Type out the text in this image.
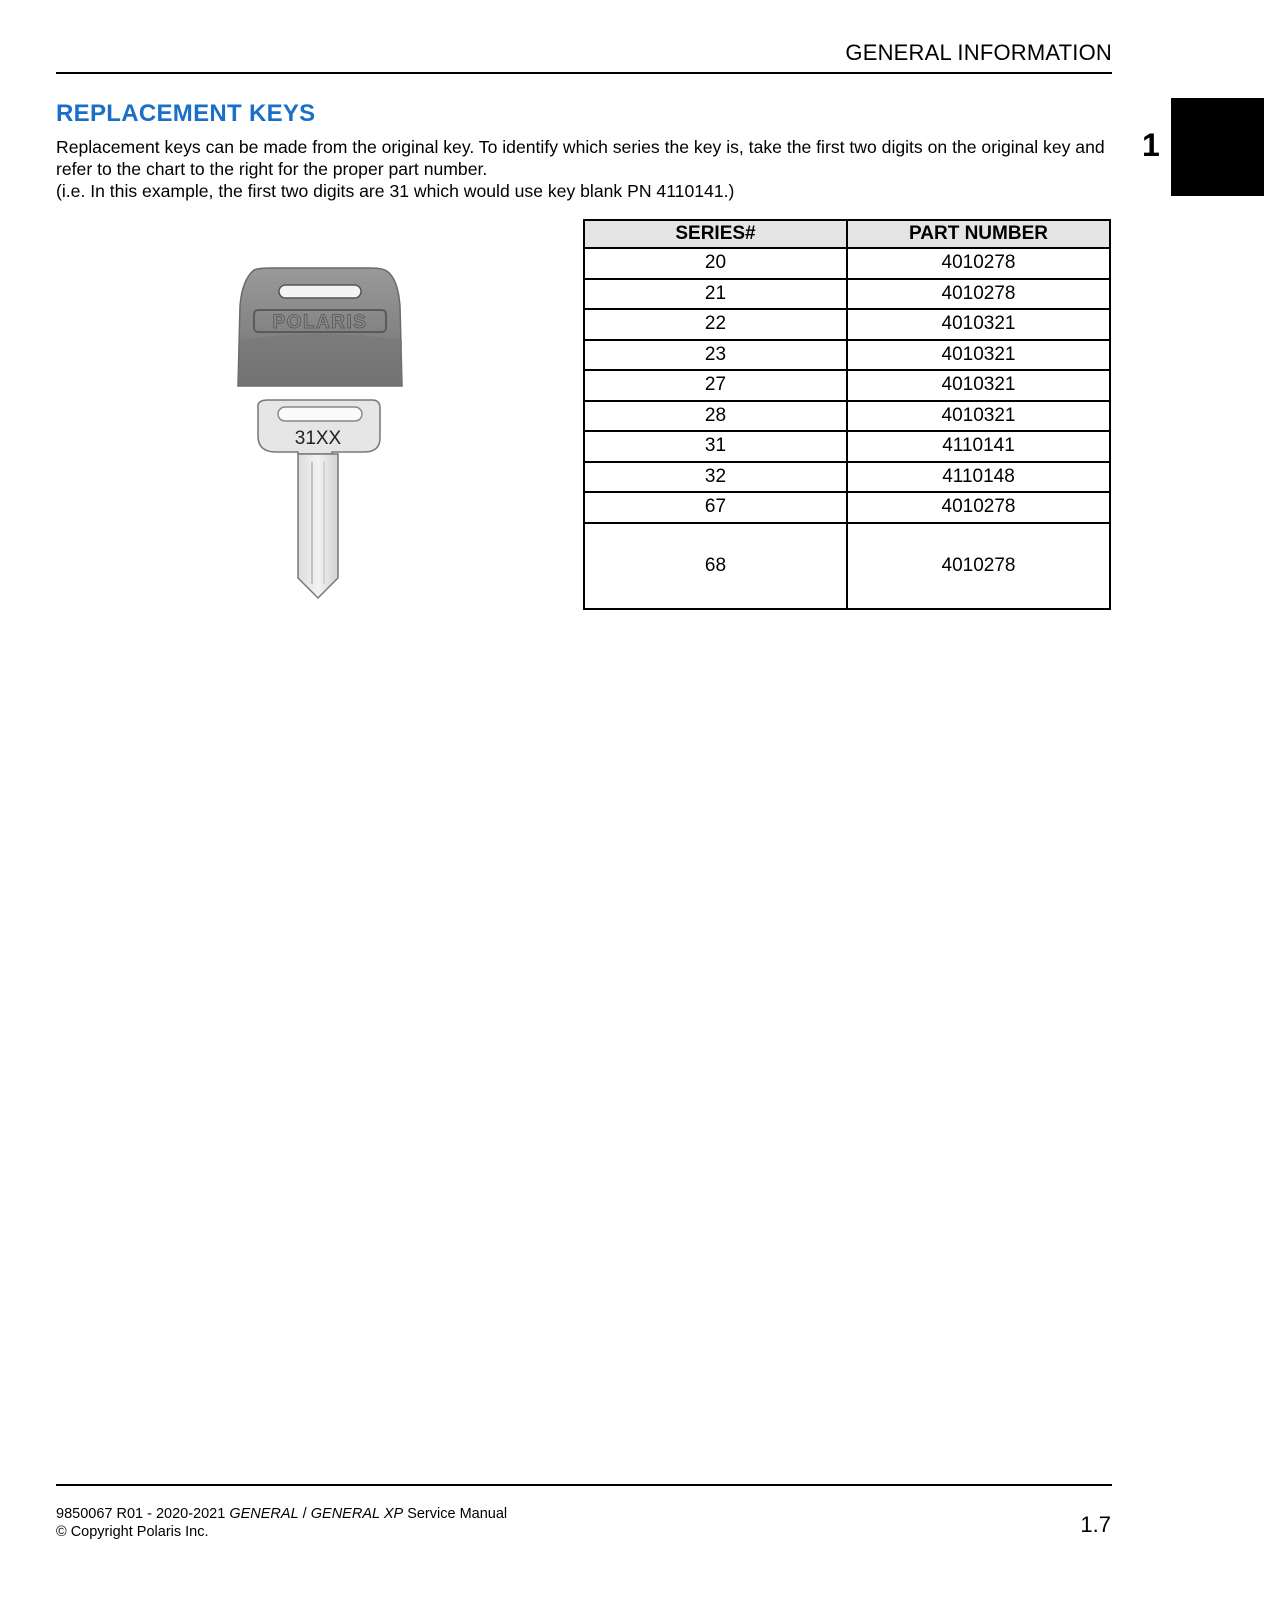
GENERAL INFORMATION
1
REPLACEMENT KEYS

Replacement keys can be made from the original key. To identify which series the key is, take the first two digits on the original key and refer to the chart to the right for the proper part number.

(i.e. In this example, the first two digits are 31 which would use key blank PN 4110141.)

POLARIS
31XX
SERIES#	PART NUMBER
20	4010278
21	4010278
22	4010321
23	4010321
27	4010321
28	4010321
31	4110141
32	4110148
67	4010278
68	4010278
9850067 R01 - 2020-2021 GENERAL / GENERAL XP Service Manual
© Copyright Polaris Inc.	1.7
